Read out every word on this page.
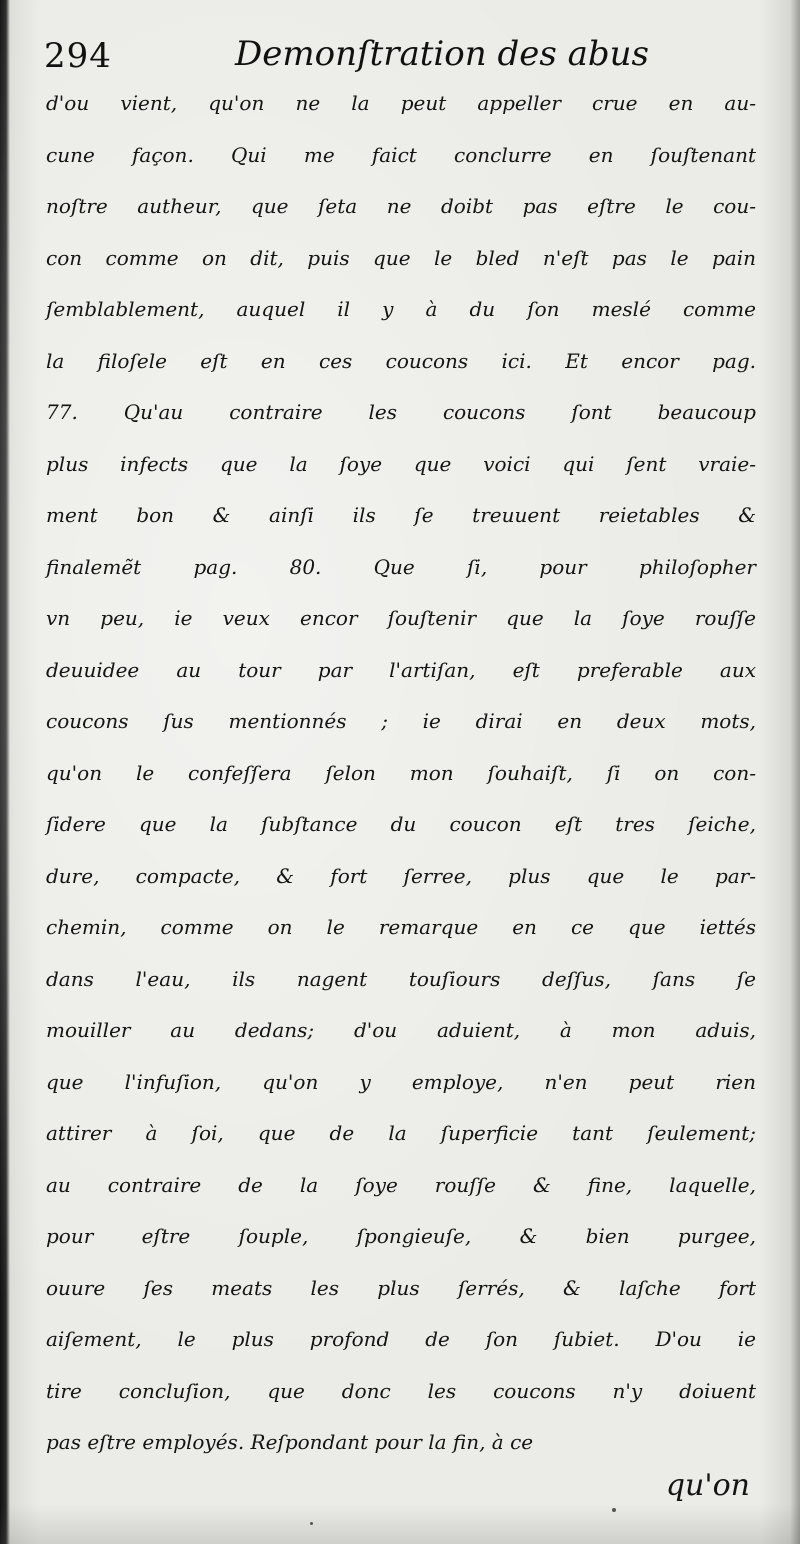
294	Demonſtration des abus
d'ou vient, qu'on ne la peut appeller crue en au-
cune façon. Qui me faict conclurre en ſouſtenant
noſtre autheur, que ſeta ne doibt pas eſtre le cou-
con comme on dit, puis que le bled n'eſt pas le pain
ſemblablement, auquel il y à du ſon meslé comme
la filoſele eſt en ces coucons ici. Et encor pag.
77. Qu'au contraire les coucons ſont beaucoup
plus infects que la ſoye que voici qui ſent vraie-
ment bon & ainſi ils ſe treuuent reietables &
finalemẽt pag. 80. Que ſi, pour philoſopher
vn peu, ie veux encor ſouſtenir que la ſoye rouſſe
deuuidee au tour par l'artiſan, eſt preferable aux
coucons ſus mentionnés ; ie dirai en deux mots,
qu'on le confeſſera ſelon mon ſouhaiſt, ſi on con-
ſidere que la ſubſtance du coucon eſt tres ſeiche,
dure, compacte, & fort ſerree, plus que le par-
chemin, comme on le remarque en ce que iettés
dans l'eau, ils nagent touſiours deſſus, ſans ſe
mouiller au dedans; d'ou aduient, à mon aduis,
que l'infuſion, qu'on y employe, n'en peut rien
attirer à ſoi, que de la ſuperficie tant ſeulement;
au contraire de la ſoye rouſſe & fine, laquelle,
pour eſtre ſouple, ſpongieuſe, & bien purgee,
ouure ſes meats les plus ſerrés, & laſche fort
aiſement, le plus profond de ſon ſubiet. D'ou ie
tire concluſion, que donc les coucons n'y doiuent
pas eſtre employés. Reſpondant pour la fin, à ce
qu'on
